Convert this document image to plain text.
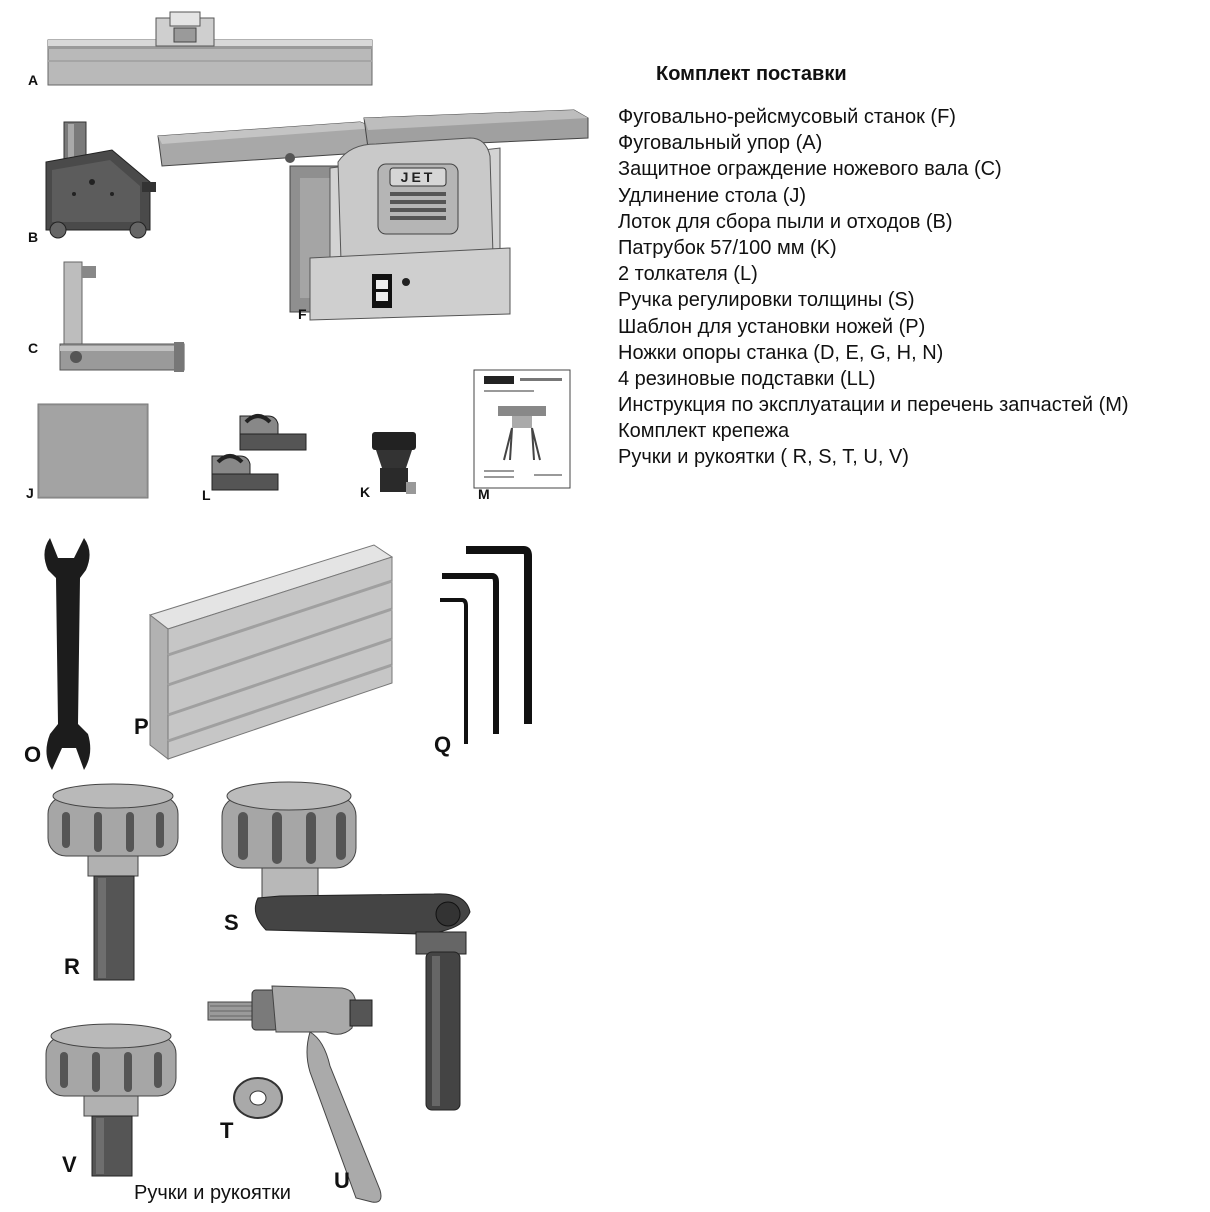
Комплект поставки
Фуговально-рейсмусовый станок (F)
Фуговальный упор (A)
Защитное ограждение ножевого вала (C)
Удлинение стола (J)
Лоток для сбора пыли и отходов (B)
Патрубок 57/100 мм (K)
2 толкателя (L)
Ручка регулировки толщины (S)
Шаблон для установки ножей (P)
Ножки опоры станка (D, E, G, H, N)
4 резиновые подставки (LL)
Инструкция по эксплуатации и перечень запчастей (M)
Комплект крепежа
Ручки и рукоятки ( R, S, T, U, V)
A
B
C
J	L	K	M
JET
F
O
P
Q
R
S
U
T
V
Ручки и рукоятки
